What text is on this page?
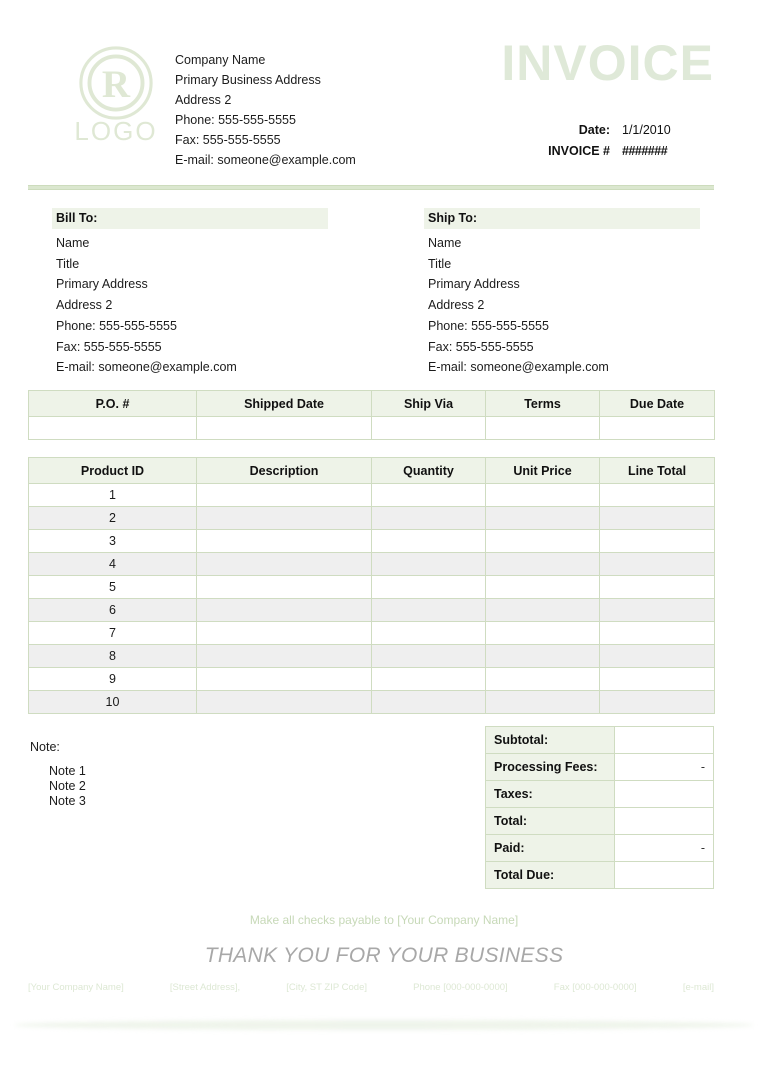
R
LOGO
Company Name
Primary Business Address
Address 2
Phone: 555-555-5555
Fax: 555-555-5555
E-mail: someone@example.com
INVOICE
Date: 1/1/2010
INVOICE # #######
Bill To:
Name
Title
Primary Address
Address 2
Phone: 555-555-5555
Fax: 555-555-5555
E-mail: someone@example.com
Ship To:
Name
Title
Primary Address
Address 2
Phone: 555-555-5555
Fax: 555-555-5555
E-mail: someone@example.com
P.O. #	Shipped Date	Ship Via	Terms	Due Date

Product ID	Description	Quantity	Unit Price	Line Total
1				
2				
3				
4				
5				
6				
7				
8				
9				
10				
Note:
Note 1
Note 2
Note 3
Subtotal:	
Processing Fees:	-
Taxes:	
Total:	
Paid:	-
Total Due:	
Make all checks payable to [Your Company Name]
THANK YOU FOR YOUR BUSINESS
[Your Company Name]	[Street Address],	[City, ST ZIP Code]	Phone [000-000-0000]	Fax [000-000-0000]	[e-mail]
